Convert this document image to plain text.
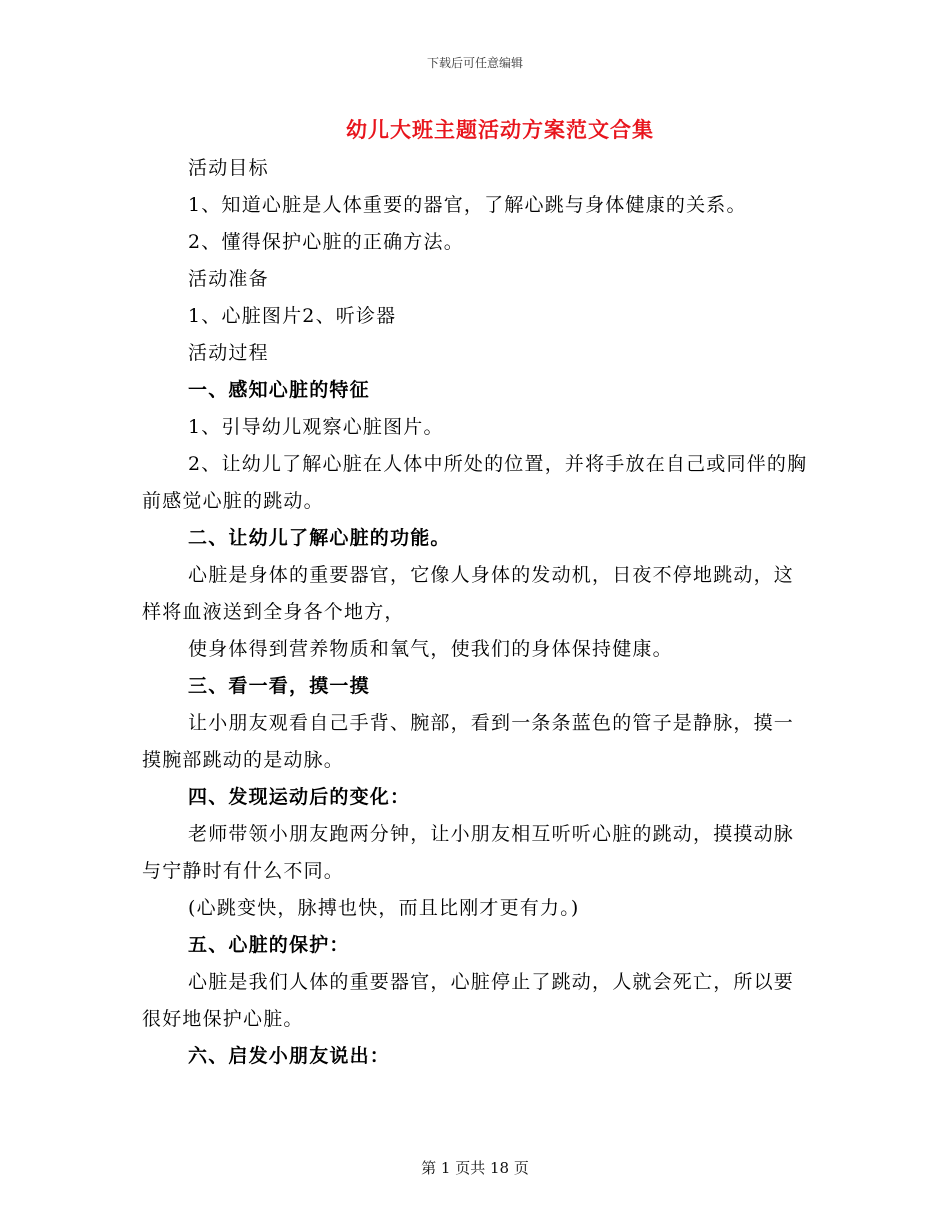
下载后可任意编辑
幼儿大班主题活动方案范文合集

活动目标

1、知道心脏是人体重要的器官，了解心跳与身体健康的关系。

2、懂得保护心脏的正确方法。

活动准备

1、心脏图片2、听诊器

活动过程

一、感知心脏的特征

1、引导幼儿观察心脏图片。

2、让幼儿了解心脏在人体中所处的位置，并将手放在自己或同伴的胸前感觉心脏的跳动。

二、让幼儿了解心脏的功能。

心脏是身体的重要器官，它像人身体的发动机，日夜不停地跳动，这样将血液送到全身各个地方，

使身体得到营养物质和氧气，使我们的身体保持健康。

三、看一看，摸一摸

让小朋友观看自己手背、腕部，看到一条条蓝色的管子是静脉，摸一摸腕部跳动的是动脉。

四、发现运动后的变化：

老师带领小朋友跑两分钟，让小朋友相互听听心脏的跳动，摸摸动脉与宁静时有什么不同。

(心跳变快，脉搏也快，而且比刚才更有力。)

五、心脏的保护：

心脏是我们人体的重要器官，心脏停止了跳动，人就会死亡，所以要很好地保护心脏。

六、启发小朋友说出：

第 1 页共 18 页
